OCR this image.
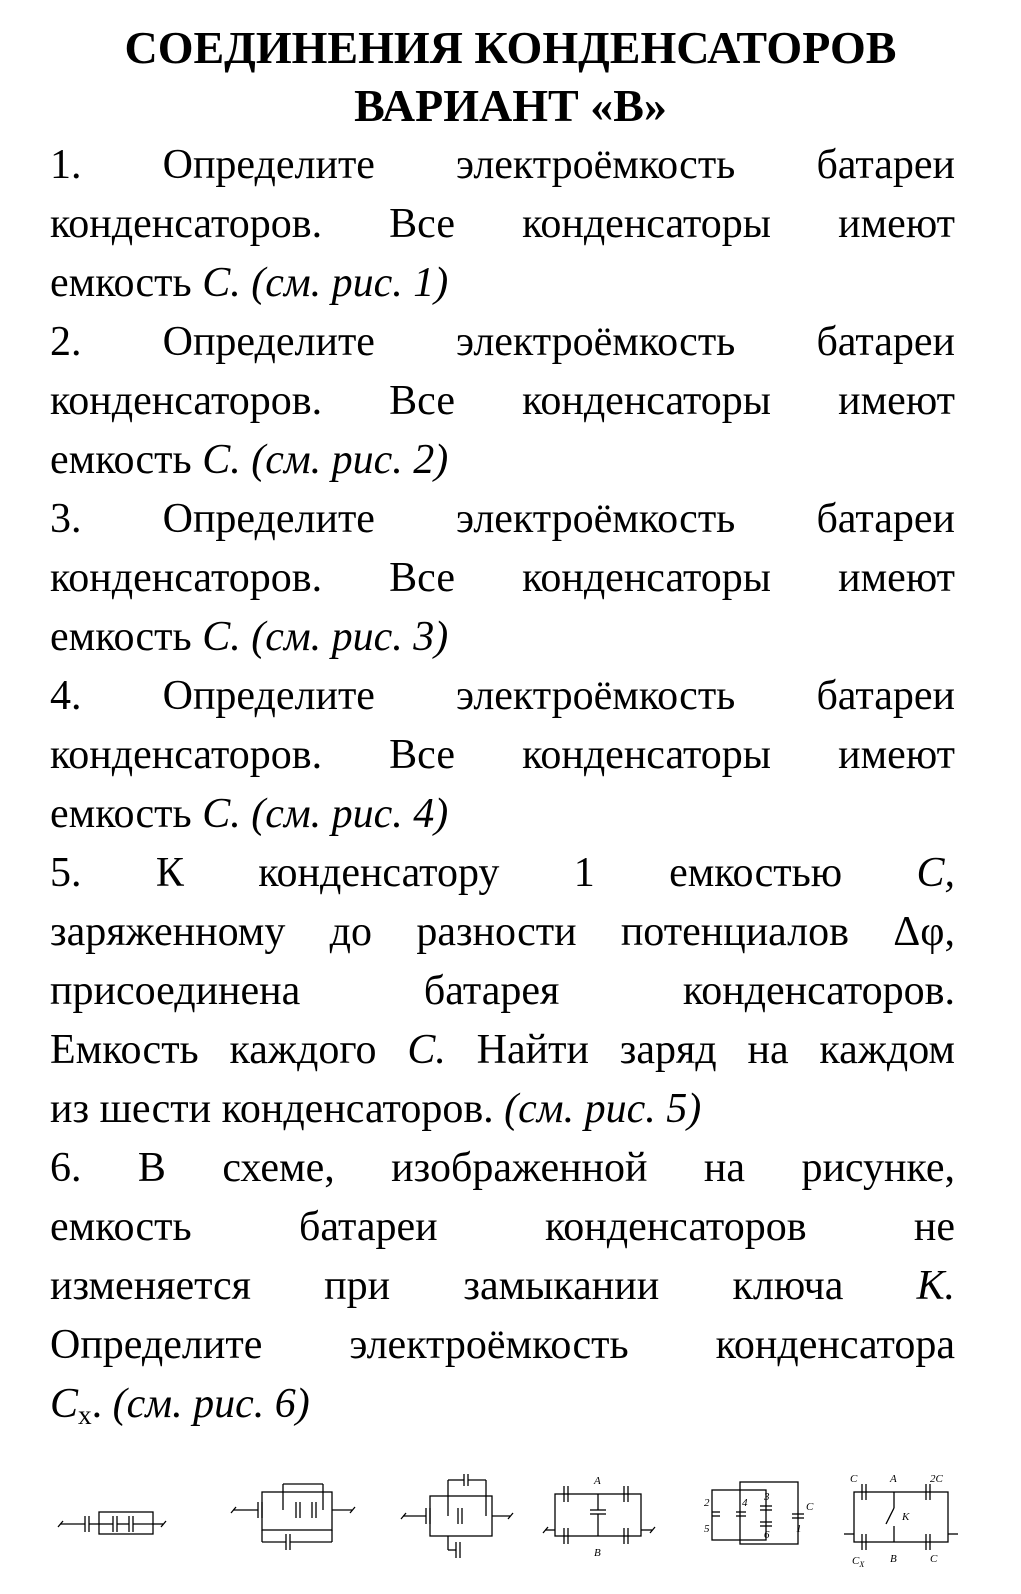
СОЕДИНЕНИЯ КОНДЕНСАТОРОВ
ВАРИАНТ «В»
1. Определите электроёмкость батареи
конденсаторов. Все конденсаторы имеют
емкость С. (см. рис. 1)
2. Определите электроёмкость батареи
конденсаторов. Все конденсаторы имеют
емкость С. (см. рис. 2)
3. Определите электроёмкость батареи
конденсаторов. Все конденсаторы имеют
емкость С. (см. рис. 3)
4. Определите электроёмкость батареи
конденсаторов. Все конденсаторы имеют
емкость С. (см. рис. 4)
5. К конденсатору 1 емкостью С,
заряженному до разности потенциалов Δφ,
присоединена батарея конденсаторов.
Емкость каждого С. Найти заряд на каждом
из шести конденсаторов. (см. рис. 5)
6. В схеме, изображенной на рисунке,
емкость батареи конденсаторов не
изменяется при замыкании ключа К.
Определите электроёмкость конденсатора
$С_x$. (см. рис. 6)
A
B
2	4 3
C
5	6 1
C	A	2C
K
$C_X$ B	C
